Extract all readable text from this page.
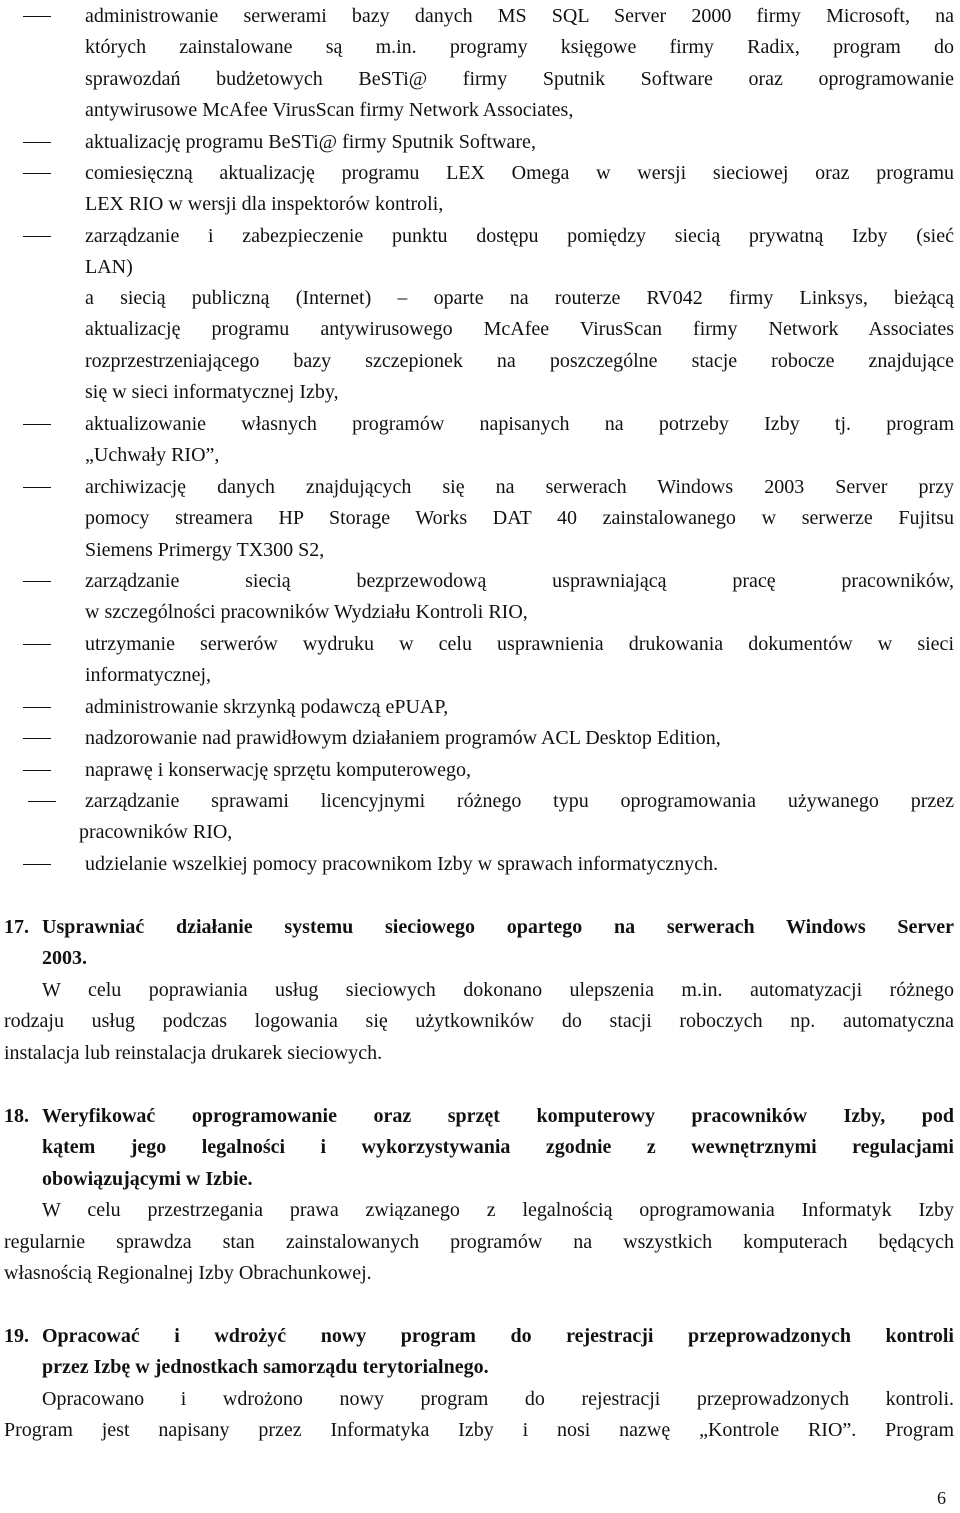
administrowanie serwerami bazy danych MS SQL Server 2000 firmy Microsoft, na
których zainstalowane są m.in. programy księgowe firmy Radix, program do
sprawozdań budżetowych BeSTi@ firmy Sputnik Software oraz oprogramowanie
antywirusowe McAfee VirusScan firmy Network Associates,
aktualizację programu BeSTi@ firmy Sputnik Software,
comiesięczną aktualizację programu LEX Omega w wersji sieciowej oraz programu
LEX RIO w wersji dla inspektorów kontroli,
zarządzanie i zabezpieczenie punktu dostępu pomiędzy siecią prywatną Izby (sieć
LAN)
a siecią publiczną (Internet) ⎯ oparte na routerze RV042 firmy Linksys, bieżącą
aktualizację programu antywirusowego McAfee VirusScan firmy Network Associates
rozprzestrzeniającego bazy szczepionek na poszczególne stacje robocze znajdujące
się w sieci informatycznej Izby,
aktualizowanie własnych programów napisanych na potrzeby Izby tj. program
„Uchwały RIO”,
archiwizację danych znajdujących się na serwerach Windows 2003 Server przy
pomocy streamera HP Storage Works DAT 40 zainstalowanego w serwerze Fujitsu
Siemens Primergy TX300 S2,
zarządzanie siecią bezprzewodową usprawniającą pracę pracowników,
w szczególności pracowników Wydziału Kontroli RIO,
utrzymanie serwerów wydruku w celu usprawnienia drukowania dokumentów w sieci
informatycznej,
administrowanie skrzynką podawczą ePUAP,
nadzorowanie nad prawidłowym działaniem programów ACL Desktop Edition,
naprawę i konserwację sprzętu komputerowego,
zarządzanie sprawami licencyjnymi różnego typu oprogramowania używanego przez
pracowników RIO,
udzielanie wszelkiej pomocy pracownikom Izby w sprawach informatycznych.
17. Usprawniać działanie systemu sieciowego opartego na serwerach Windows Server
2003.
W celu poprawiania usług sieciowych dokonano ulepszenia m.in. automatyzacji różnego
rodzaju usług podczas logowania się użytkowników do stacji roboczych np. automatyczna
instalacja lub reinstalacja drukarek sieciowych.
18. Weryfikować oprogramowanie oraz sprzęt komputerowy pracowników Izby, pod
kątem jego legalności i wykorzystywania zgodnie z wewnętrznymi regulacjami
obowiązującymi w Izbie.
W celu przestrzegania prawa związanego z legalnością oprogramowania Informatyk Izby
regularnie sprawdza stan zainstalowanych programów na wszystkich komputerach będących
własnością Regionalnej Izby Obrachunkowej.
19. Opracować i wdrożyć nowy program do rejestracji przeprowadzonych kontroli
przez Izbę w jednostkach samorządu terytorialnego.
Opracowano i wdrożono nowy program do rejestracji przeprowadzonych kontroli.
Program jest napisany przez Informatyka Izby i nosi nazwę „Kontrole RIO”. Program
6
